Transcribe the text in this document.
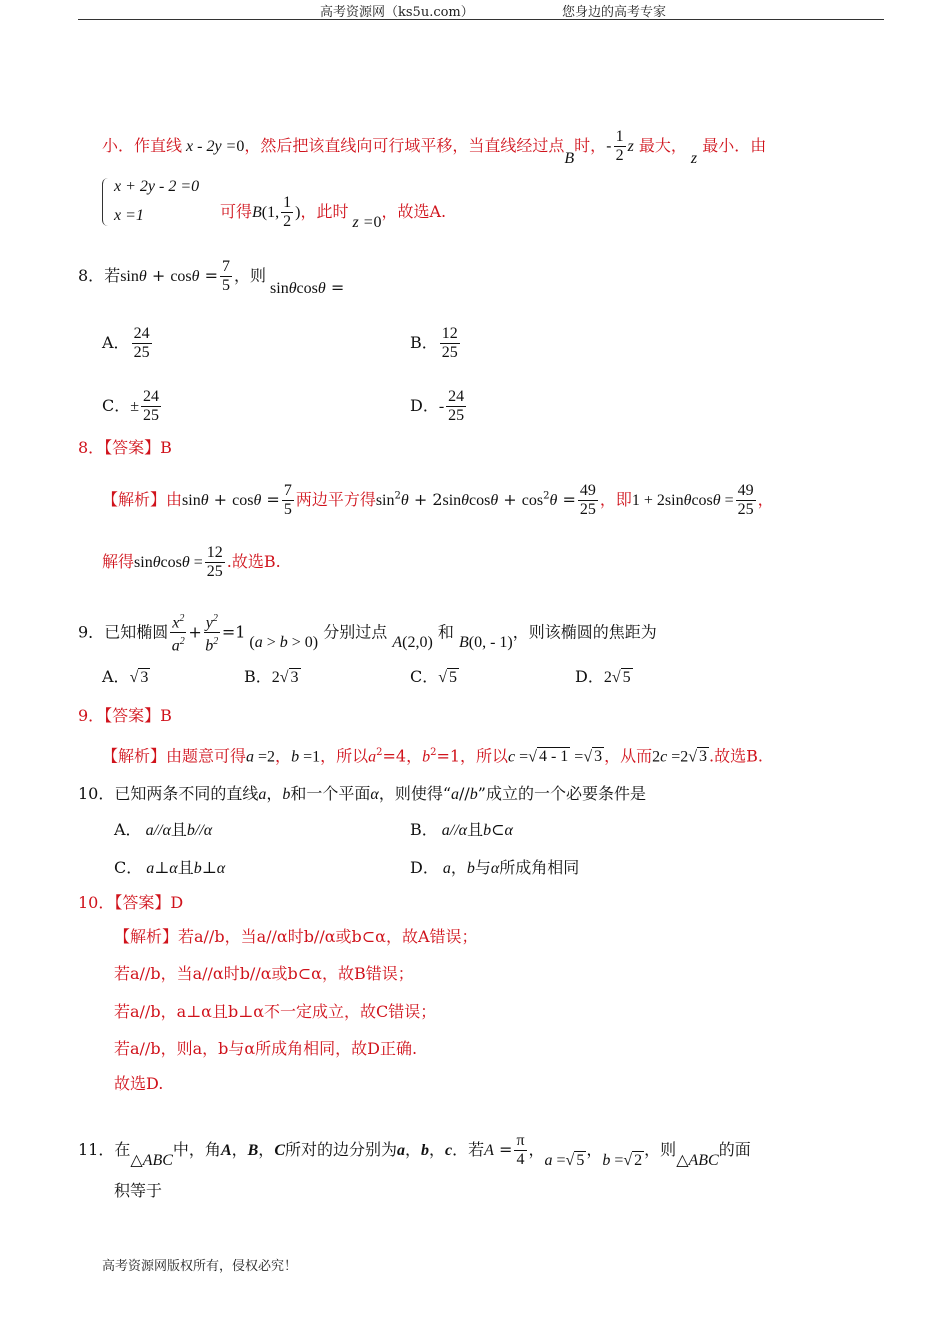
高考资源网（ks5u.com）	您身边的高考专家
小．作直线 x - 2y =0，然后把该直线向可行域平移，当直线经过点B时，- $\frac{1}{2}$ z 最大， z 最小．由
x + 2y - 2 =0
x =1	可得B(1, $\frac{1}{2}$ )，此时 z =0，故选A.
8．若$\sin\theta + \cos\theta = \frac{7}{5}$ ，则 sinθcosθ =
A． $\frac{24}{25}$	B． $\frac{12}{25}$
C．± $\frac{24}{25}$	D．- $\frac{24}{25}$
8．【答案】B
【解析】由$\sin\theta + \cos\theta = \frac{7}{5}$ 两边平方得$\sin^2\theta + 2\sin\theta\cos\theta + \cos^2\theta = \frac{49}{25}$ ，即$1 + 2\sin\theta\cos\theta = \frac{49}{25}$ ，
解得$\sin\theta\cos\theta = \frac{12}{25}$ .故选B.
9．已知椭圆 $\frac{x^2}{a^2} + \frac{y^2}{b^2} =1$ (a > b > 0) 分别过点 A(2,0) 和 B(0, - 1)，则该椭圆的焦距为
A．√ 3	B．2√ 3	C．√ 5	D．2√ 5
9．【答案】B
【解析】由题意可得a =2，b =1，所以$a^2=4$，$b^2=1$，所以c =√ 4 - 1 =√ 3 ，从而2c =2√ 3 .故选B.
10．已知两条不同的直线a，b和一个平面α，则使得“a//b”成立的一个必要条件是
A． a//α且b//α	B． a//α且b⊂α
C． a⊥α且b⊥α	D． a，b与α所成角相同
10．【答案】D
【解析】若a//b，当a//α时b//α或b⊂α，故A错误；
若a//b，当a//α时b//α或b⊂α，故B错误；
若a//b，a⊥α且b⊥α不一定成立，故C错误；
若a//b，则a，b与α所成角相同，故D正确.
故选D.
11．在△ABC中，角A，B，C所对的边分别为a，b，c．若$A = \frac{\pi}{4}$ ，a =√ 5，b =√ 2，则△ABC的面
积等于
高考资源网版权所有，侵权必究！
